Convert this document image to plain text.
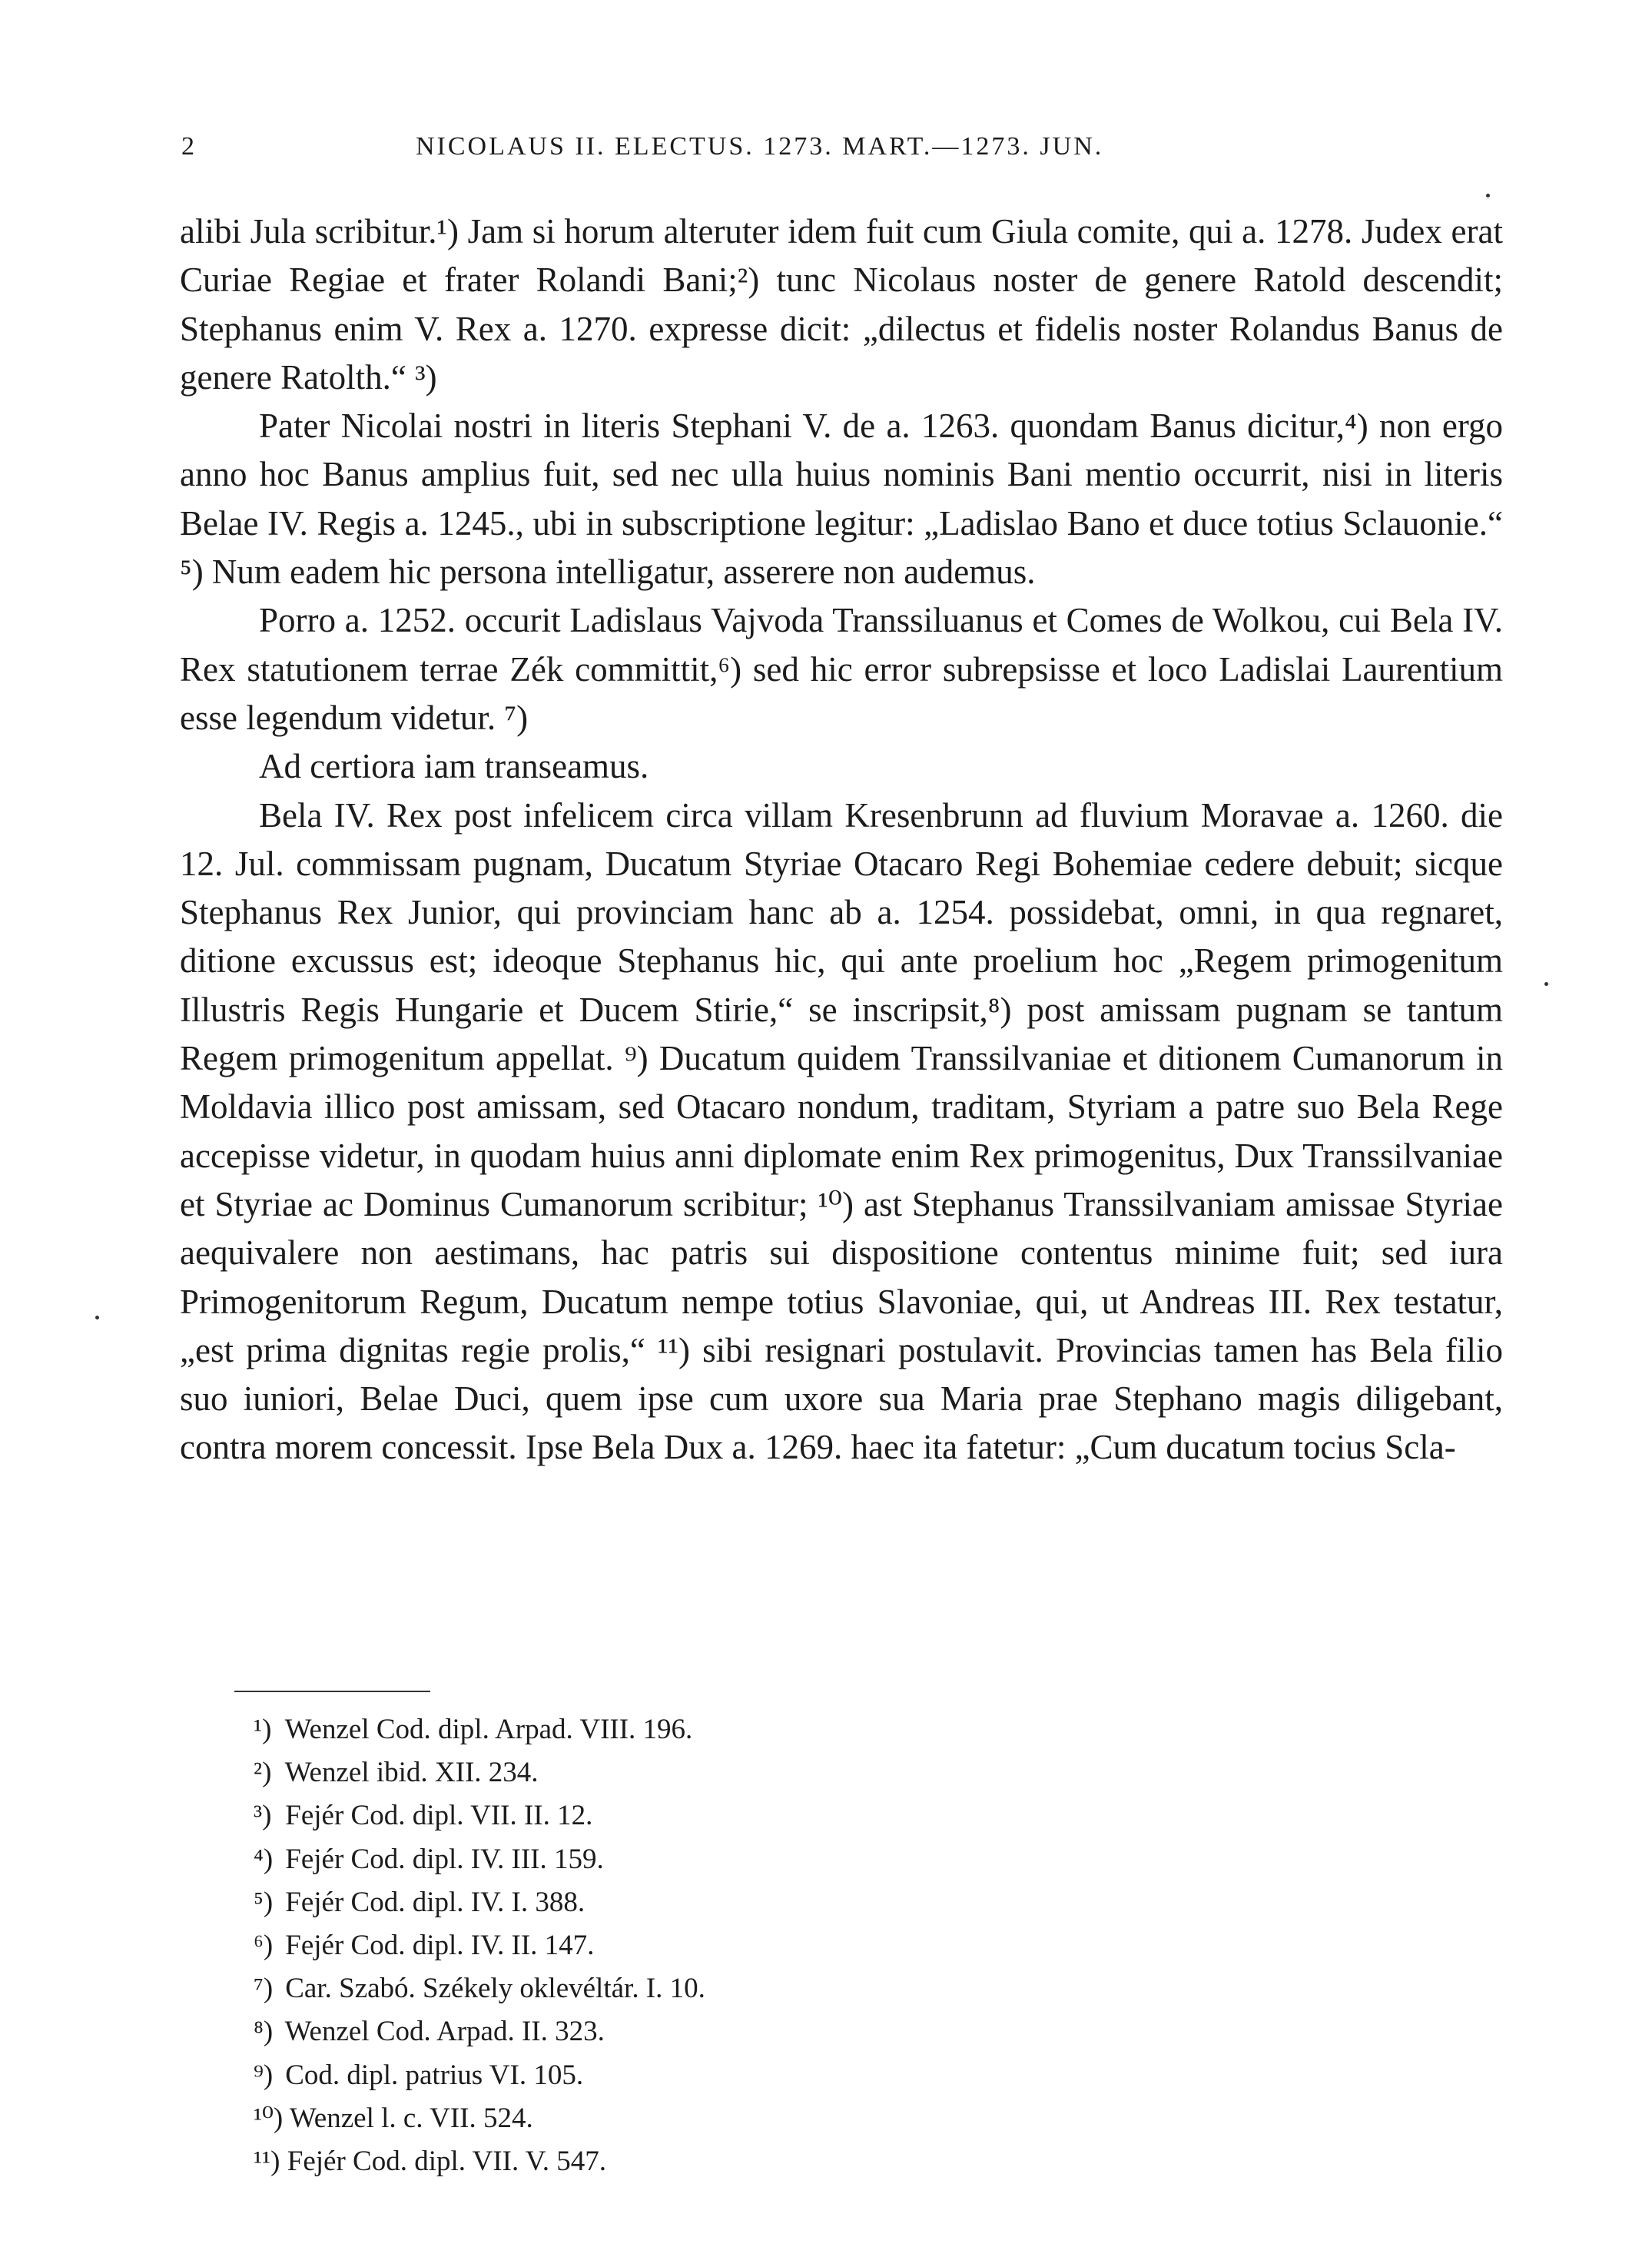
2	NICOLAUS II. ELECTUS. 1273. MART.—1273. JUN.

alibi Jula scribitur.¹) Jam si horum alteruter idem fuit cum Giula comite, qui a. 1278. Judex erat Curiae Regiae et frater Rolandi Bani;²) tunc Nicolaus noster de genere Ratold descendit; Stephanus enim V. Rex a. 1270. expresse dicit: „dilectus et fidelis noster Rolandus Banus de genere Ratolth.“ ³)

Pater Nicolai nostri in literis Stephani V. de a. 1263. quondam Banus dicitur,⁴) non ergo anno hoc Banus amplius fuit, sed nec ulla huius nominis Bani mentio occurrit, nisi in literis Belae IV. Regis a. 1245., ubi in subscriptione legitur: „Ladislao Bano et duce totius Sclauonie.“ ⁵) Num eadem hic persona intelligatur, asserere non audemus.

Porro a. 1252. occurit Ladislaus Vajvoda Transsiluanus et Comes de Wolkou, cui Bela IV. Rex statutionem terrae Zék committit,⁶) sed hic error subrepsisse et loco Ladislai Laurentium esse legendum videtur. ⁷)

Ad certiora iam transeamus.

Bela IV. Rex post infelicem circa villam Kresenbrunn ad fluvium Moravae a. 1260. die 12. Jul. commissam pugnam, Ducatum Styriae Otacaro Regi Bohemiae cedere debuit; sicque Stephanus Rex Junior, qui provinciam hanc ab a. 1254. possidebat, omni, in qua regnaret, ditione excussus est; ideoque Stephanus hic, qui ante proelium hoc „Regem primogenitum Illustris Regis Hungarie et Ducem Stirie,“ se inscripsit,⁸) post amissam pugnam se tantum Regem primogenitum appellat. ⁹) Ducatum quidem Transsilvaniae et ditionem Cumanorum in Moldavia illico post amissam, sed Otacaro nondum, traditam, Styriam a patre suo Bela Rege accepisse videtur, in quodam huius anni diplomate enim Rex primogenitus, Dux Transsilvaniae et Styriae ac Dominus Cumanorum scribitur; ¹⁰) ast Stephanus Transsilvaniam amissae Styriae aequivalere non aestimans, hac patris sui dispositione contentus minime fuit; sed iura Primogenitorum Regum, Ducatum nempe totius Slavoniae, qui, ut Andreas III. Rex testatur, „est prima dignitas regie prolis,“ ¹¹) sibi resignari postulavit. Provincias tamen has Bela filio suo iuniori, Belae Duci, quem ipse cum uxore sua Maria prae Stephano magis diligebant, contra morem concessit. Ipse Bela Dux a. 1269. haec ita fatetur: „Cum ducatum tocius Scla-

¹) Wenzel Cod. dipl. Arpad. VIII. 196.
²) Wenzel ibid. XII. 234.
³) Fejér Cod. dipl. VII. II. 12.
⁴) Fejér Cod. dipl. IV. III. 159.
⁵) Fejér Cod. dipl. IV. I. 388.
⁶) Fejér Cod. dipl. IV. II. 147.
⁷) Car. Szabó. Székely oklevéltár. I. 10.
⁸) Wenzel Cod. Arpad. II. 323.
⁹) Cod. dipl. patrius VI. 105.
¹⁰) Wenzel l. c. VII. 524.
¹¹) Fejér Cod. dipl. VII. V. 547.
